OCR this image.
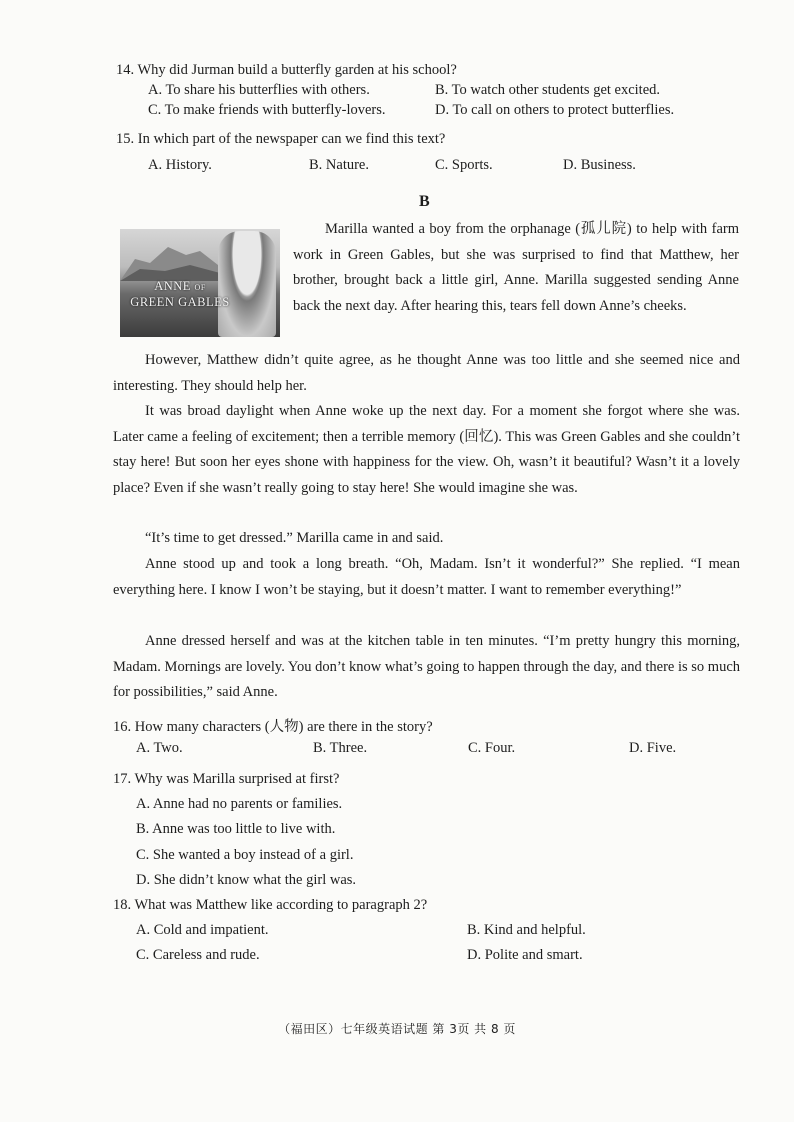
14. Why did Jurman build a butterfly garden at his school?
A. To share his butterflies with others.	B. To watch other students get excited.
C. To make friends with butterfly-lovers.	D. To call on others to protect butterflies.
15. In which part of the newspaper can we find this text?
A. History.	B. Nature.	C. Sports.	D. Business.
B
ANNE OF
GREEN GABLES
Marilla wanted a boy from the orphanage (孤儿院) to help with farm work in Green Gables, but she was surprised to find that Matthew, her brother, brought back a little girl, Anne. Marilla suggested sending Anne back the next day. After hearing this, tears fell down Anne’s cheeks.
However, Matthew didn’t quite agree, as he thought Anne was too little and she seemed nice and interesting. They should help her.
It was broad daylight when Anne woke up the next day. For a moment she forgot where she was. Later came a feeling of excitement; then a terrible memory (回忆). This was Green Gables and she couldn’t stay here! But soon her eyes shone with happiness for the view. Oh, wasn’t it beautiful? Wasn’t it a lovely place? Even if she wasn’t really going to stay here! She would imagine she was.
“It’s time to get dressed.” Marilla came in and said.
Anne stood up and took a long breath. “Oh, Madam. Isn’t it wonderful?” She replied. “I mean everything here. I know I won’t be staying, but it doesn’t matter. I want to remember everything!”
Anne dressed herself and was at the kitchen table in ten minutes. “I’m pretty hungry this morning, Madam. Mornings are lovely. You don’t know what’s going to happen through the day, and there is so much for possibilities,” said Anne.
16. How many characters (人物) are there in the story?
A. Two.	B. Three.	C. Four.	D. Five.
17. Why was Marilla surprised at first?
A. Anne had no parents or families.
B. Anne was too little to live with.
C. She wanted a boy instead of a girl.
D. She didn’t know what the girl was.
18. What was Matthew like according to paragraph 2?
A. Cold and impatient.	B. Kind and helpful.
C. Careless and rude.	D. Polite and smart.
（福田区）七年级英语试题 第 3页 共 8 页
